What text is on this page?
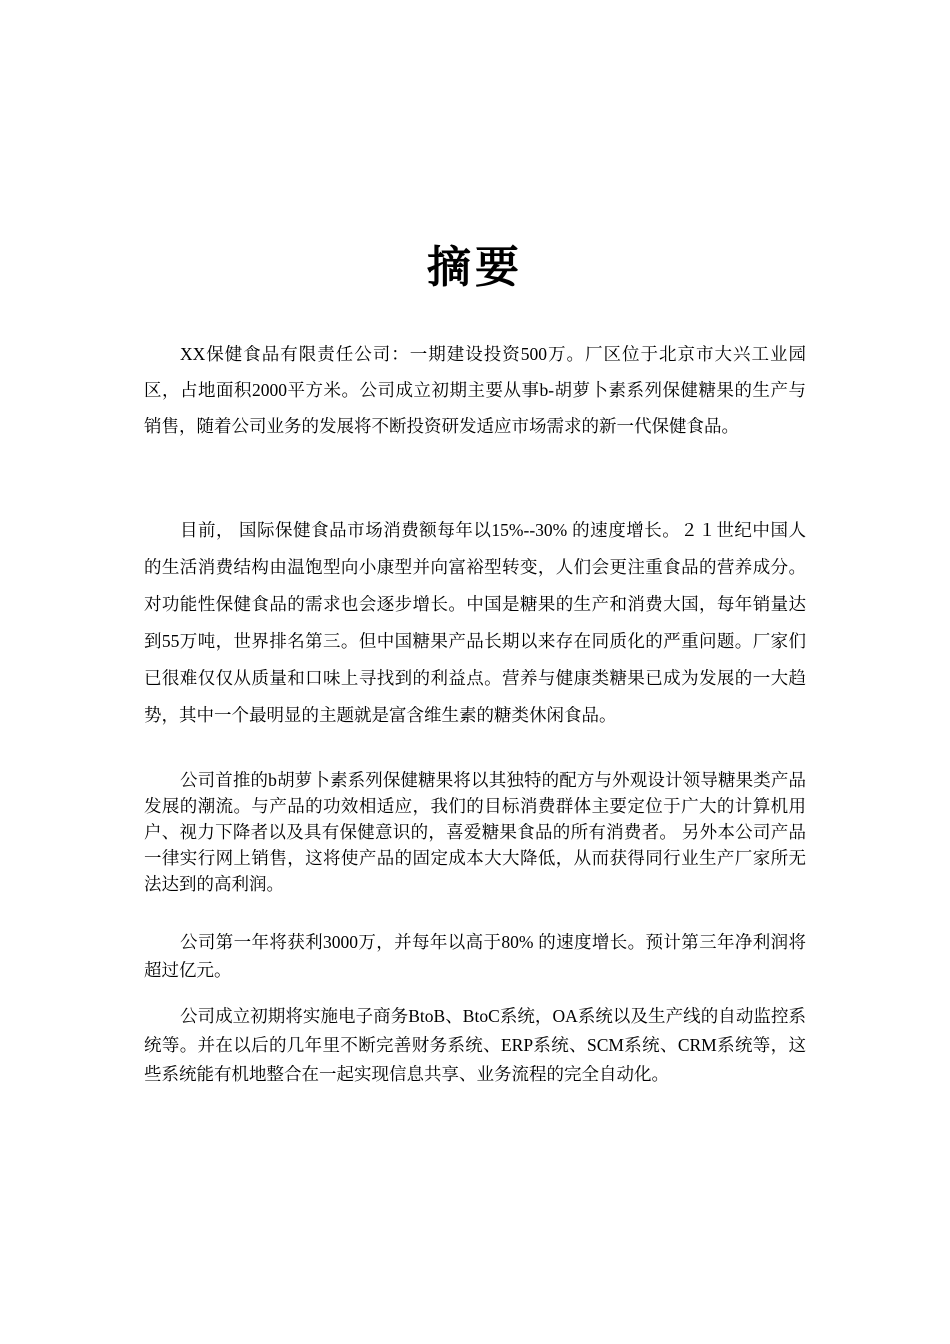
摘要

XX保健食品有限责任公司：一期建设投资500万。厂区位于北京市大兴工业园区，占地面积2000平方米。公司成立初期主要从事b-胡萝卜素系列保健糖果的生产与销售，随着公司业务的发展将不断投资研发适应市场需求的新一代保健食品。

目前， 国际保健食品市场消费额每年以15%--30% 的速度增长。２１世纪中国人的生活消费结构由温饱型向小康型并向富裕型转变，人们会更注重食品的营养成分。对功能性保健食品的需求也会逐步增长。中国是糖果的生产和消费大国，每年销量达到55万吨，世界排名第三。但中国糖果产品长期以来存在同质化的严重问题。厂家们已很难仅仅从质量和口味上寻找到的利益点。营养与健康类糖果已成为发展的一大趋势，其中一个最明显的主题就是富含维生素的糖类休闲食品。

公司首推的b胡萝卜素系列保健糖果将以其独特的配方与外观设计领导糖果类产品发展的潮流。与产品的功效相适应，我们的目标消费群体主要定位于广大的计算机用户、视力下降者以及具有保健意识的，喜爱糖果食品的所有消费者。 另外本公司产品一律实行网上销售，这将使产品的固定成本大大降低，从而获得同行业生产厂家所无法达到的高利润。

公司第一年将获利3000万，并每年以高于80% 的速度增长。预计第三年净利润将超过亿元。

公司成立初期将实施电子商务BtoB、BtoC系统，OA系统以及生产线的自动监控系统等。并在以后的几年里不断完善财务系统、ERP系统、SCM系统、CRM系统等，这些系统能有机地整合在一起实现信息共享、业务流程的完全自动化。
